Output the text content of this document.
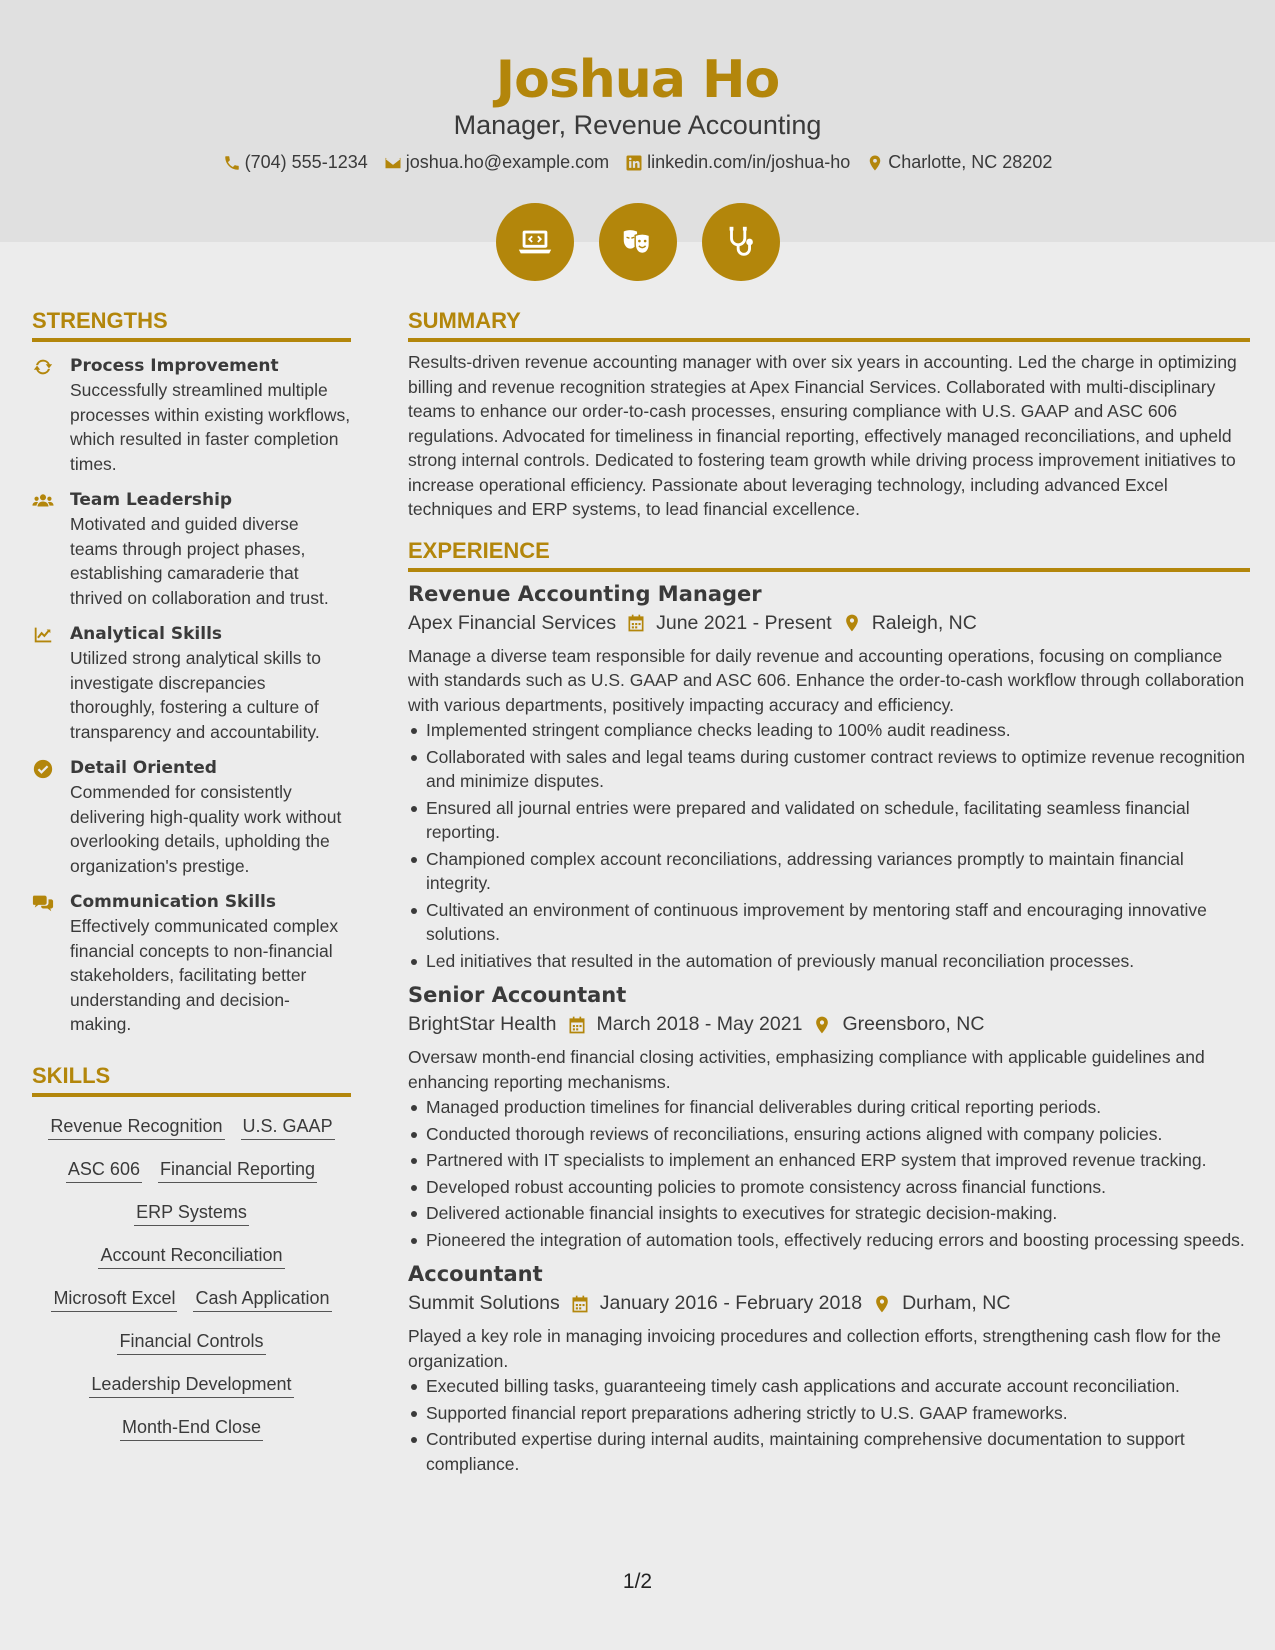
Joshua Ho
Manager, Revenue Accounting
(704) 555-1234 joshua.ho@example.com linkedin.com/in/joshua-ho Charlotte, NC 28202
STRENGTHS
Process Improvement
Successfully streamlined multiple processes within existing workflows, which resulted in faster completion times.
Team Leadership
Motivated and guided diverse teams through project phases, establishing camaraderie that thrived on collaboration and trust.
Analytical Skills
Utilized strong analytical skills to investigate discrepancies thoroughly, fostering a culture of transparency and accountability.
Detail Oriented
Commended for consistently delivering high-quality work without overlooking details, upholding the organization's prestige.
Communication Skills
Effectively communicated complex financial concepts to non-financial stakeholders, facilitating better understanding and decision-making.
SKILLS
Revenue Recognition U.S. GAAP
ASC 606 Financial Reporting
ERP Systems
Account Reconciliation
Microsoft Excel Cash Application
Financial Controls
Leadership Development
Month-End Close
SUMMARY
Results-driven revenue accounting manager with over six years in accounting. Led the charge in optimizing billing and revenue recognition strategies at Apex Financial Services. Collaborated with multi-disciplinary teams to enhance our order-to-cash processes, ensuring compliance with U.S. GAAP and ASC 606 regulations. Advocated for timeliness in financial reporting, effectively managed reconciliations, and upheld strong internal controls. Dedicated to fostering team growth while driving process improvement initiatives to increase operational efficiency. Passionate about leveraging technology, including advanced Excel techniques and ERP systems, to lead financial excellence.
EXPERIENCE
Revenue Accounting Manager
Apex Financial Services June 2021 - Present Raleigh, NC
Manage a diverse team responsible for daily revenue and accounting operations, focusing on compliance with standards such as U.S. GAAP and ASC 606. Enhance the order-to-cash workflow through collaboration with various departments, positively impacting accuracy and efficiency.
Implemented stringent compliance checks leading to 100% audit readiness.
Collaborated with sales and legal teams during customer contract reviews to optimize revenue recognition and minimize disputes.
Ensured all journal entries were prepared and validated on schedule, facilitating seamless financial reporting.
Championed complex account reconciliations, addressing variances promptly to maintain financial integrity.
Cultivated an environment of continuous improvement by mentoring staff and encouraging innovative solutions.
Led initiatives that resulted in the automation of previously manual reconciliation processes.
Senior Accountant
BrightStar Health March 2018 - May 2021 Greensboro, NC
Oversaw month-end financial closing activities, emphasizing compliance with applicable guidelines and enhancing reporting mechanisms.
Managed production timelines for financial deliverables during critical reporting periods.
Conducted thorough reviews of reconciliations, ensuring actions aligned with company policies.
Partnered with IT specialists to implement an enhanced ERP system that improved revenue tracking.
Developed robust accounting policies to promote consistency across financial functions.
Delivered actionable financial insights to executives for strategic decision-making.
Pioneered the integration of automation tools, effectively reducing errors and boosting processing speeds.
Accountant
Summit Solutions January 2016 - February 2018 Durham, NC
Played a key role in managing invoicing procedures and collection efforts, strengthening cash flow for the organization.
Executed billing tasks, guaranteeing timely cash applications and accurate account reconciliation.
Supported financial report preparations adhering strictly to U.S. GAAP frameworks.
Contributed expertise during internal audits, maintaining comprehensive documentation to support compliance.
1/2
